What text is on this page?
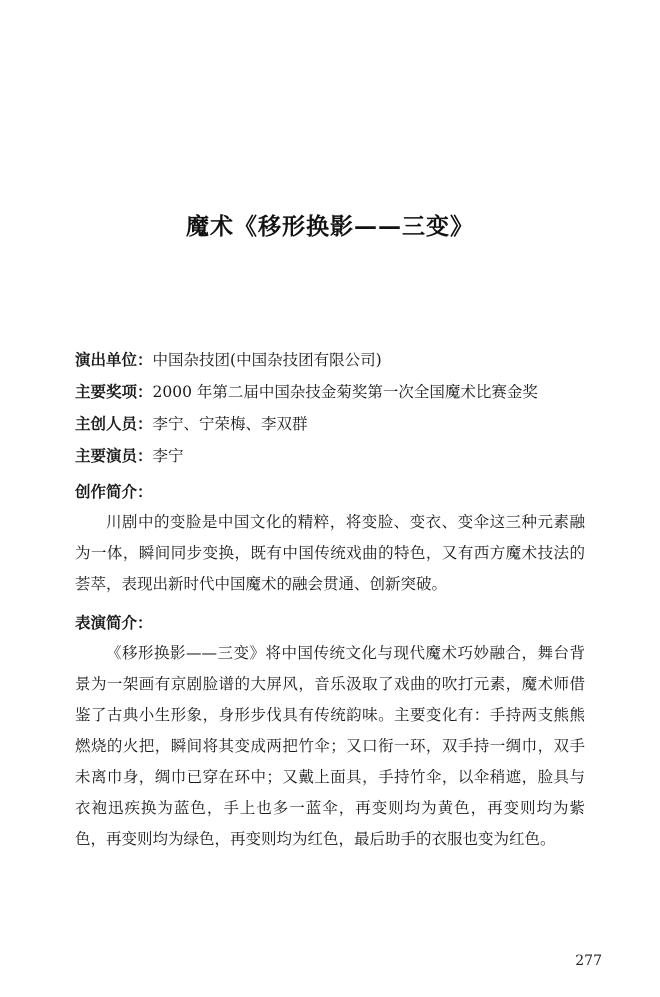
魔术《移形换影——三变》
演出单位：中国杂技团(中国杂技团有限公司)
主要奖项：2000 年第二届中国杂技金菊奖第一次全国魔术比赛金奖
主创人员：李宁、宁荣梅、李双群
主要演员：李宁
创作简介：

川剧中的变脸是中国文化的精粹，将变脸、变衣、变伞这三种元素融为一体，瞬间同步变换，既有中国传统戏曲的特色，又有西方魔术技法的荟萃，表现出新时代中国魔术的融会贯通、创新突破。

表演简介：

《移形换影——三变》将中国传统文化与现代魔术巧妙融合，舞台背景为一架画有京剧脸谱的大屏风，音乐汲取了戏曲的吹打元素，魔术师借鉴了古典小生形象，身形步伐具有传统韵味。主要变化有：手持两支熊熊燃烧的火把，瞬间将其变成两把竹伞；又口衔一环，双手持一绸巾，双手未离巾身，绸巾已穿在环中；又戴上面具，手持竹伞，以伞稍遮，脸具与衣袍迅疾换为蓝色，手上也多一蓝伞，再变则均为黄色，再变则均为紫色，再变则均为绿色，再变则均为红色，最后助手的衣服也变为红色。

277
